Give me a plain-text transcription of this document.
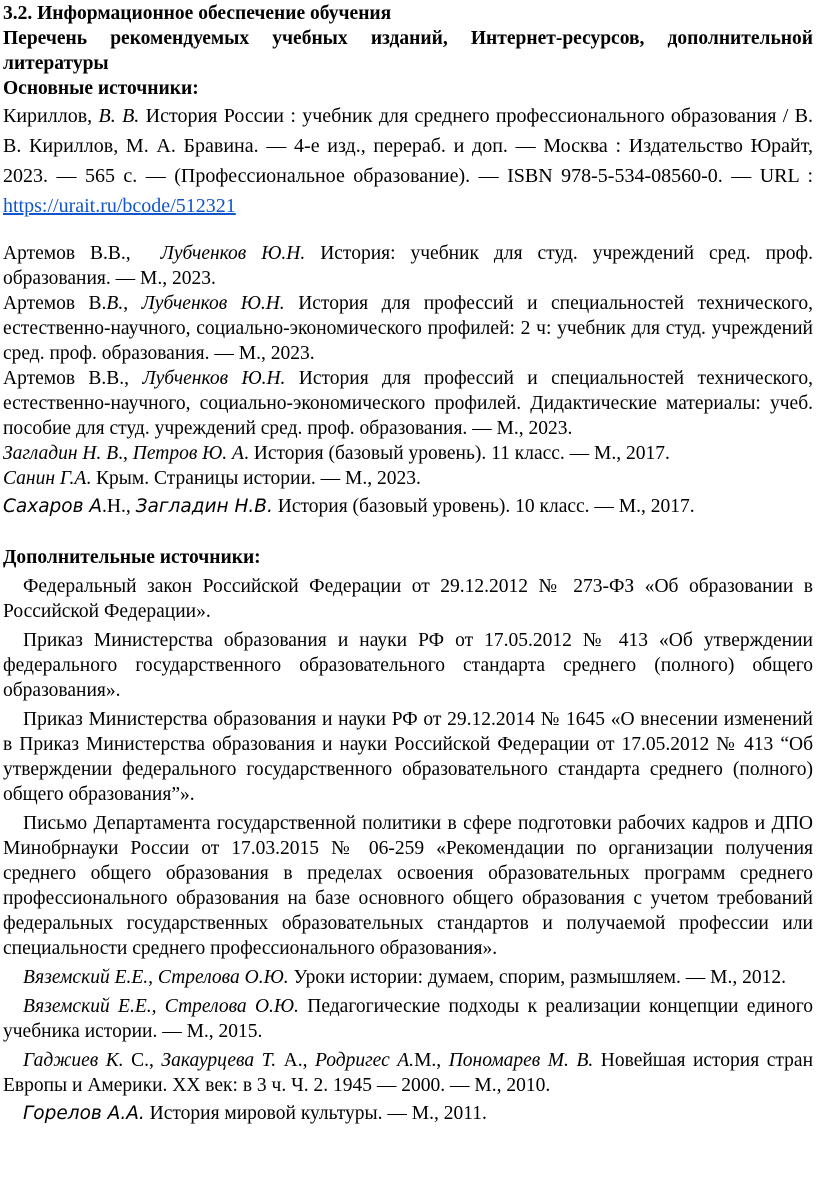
3.2. Информационное обеспечение обучения

Перечень рекомендуемых учебных изданий, Интернет-ресурсов, дополнительной литературы

Основные источники:

Кириллов, В. В. История России : учебник для среднего профессионального образования / В. В. Кириллов, М. А. Бравина. — 4-е изд., перераб. и доп. — Москва : Издательство Юрайт, 2023. — 565 с. — (Профессиональное образование). — ISBN 978-5-534-08560-0. — URL : https://urait.ru/bcode/512321

Артемов В.В., Лубченков Ю.Н. История: учебник для студ. учреждений сред. проф. образования. — М., 2023.

Артемов В.В., Лубченков Ю.Н. История для профессий и специальностей технического, естественно-научного, социально-экономического профилей: 2 ч: учебник для студ. учреждений сред. проф. образования. — М., 2023.

Артемов В.В., Лубченков Ю.Н. История для профессий и специальностей технического, естественно-научного, социально-экономического профилей. Дидактические материалы: учеб. пособие для студ. учреждений сред. проф. образования. — М., 2023.

Загладин Н. В., Петров Ю. А. История (базовый уровень). 11 класс. — М., 2017.

Санин Г.А. Крым. Страницы истории. — М., 2023.

Сахаров А.Н., Загладин Н.В. История (базовый уровень). 10 класс. — М., 2017.

Дополнительные источники:

Федеральный закон Российской Федерации от 29.12.2012 № 273-ФЗ «Об образовании в Российской Федерации».

Приказ Министерства образования и науки РФ от 17.05.2012 № 413 «Об утверждении федерального государственного образовательного стандарта среднего (полного) общего образования».

Приказ Министерства образования и науки РФ от 29.12.2014 № 1645 «О внесении изменений в Приказ Министерства образования и науки Российской Федерации от 17.05.2012 № 413 “Об утверждении федерального государственного образовательного стандарта среднего (полного) общего образования”».

Письмо Департамента государственной политики в сфере подготовки рабочих кадров и ДПО Минобрнауки России от 17.03.2015 № 06-259 «Рекомендации по организации получения среднего общего образования в пределах освоения образовательных программ среднего профессионального образования на базе основного общего образования с учетом требований федеральных государственных образовательных стандартов и получаемой профессии или специальности среднего профессионального образования».

Вяземский Е.Е., Стрелова О.Ю. Уроки истории: думаем, спорим, размышляем. — М., 2012.

Вяземский Е.Е., Стрелова О.Ю. Педагогические подходы к реализации концепции единого учебника истории. — М., 2015.

Гаджиев К. С., Закаурцева Т. А., Родригес А.М., Пономарев М. В. Новейшая история стран Европы и Америки. XX век: в 3 ч. Ч. 2. 1945 — 2000. — М., 2010.

Горелов А.А. История мировой культуры. — М., 2011.
